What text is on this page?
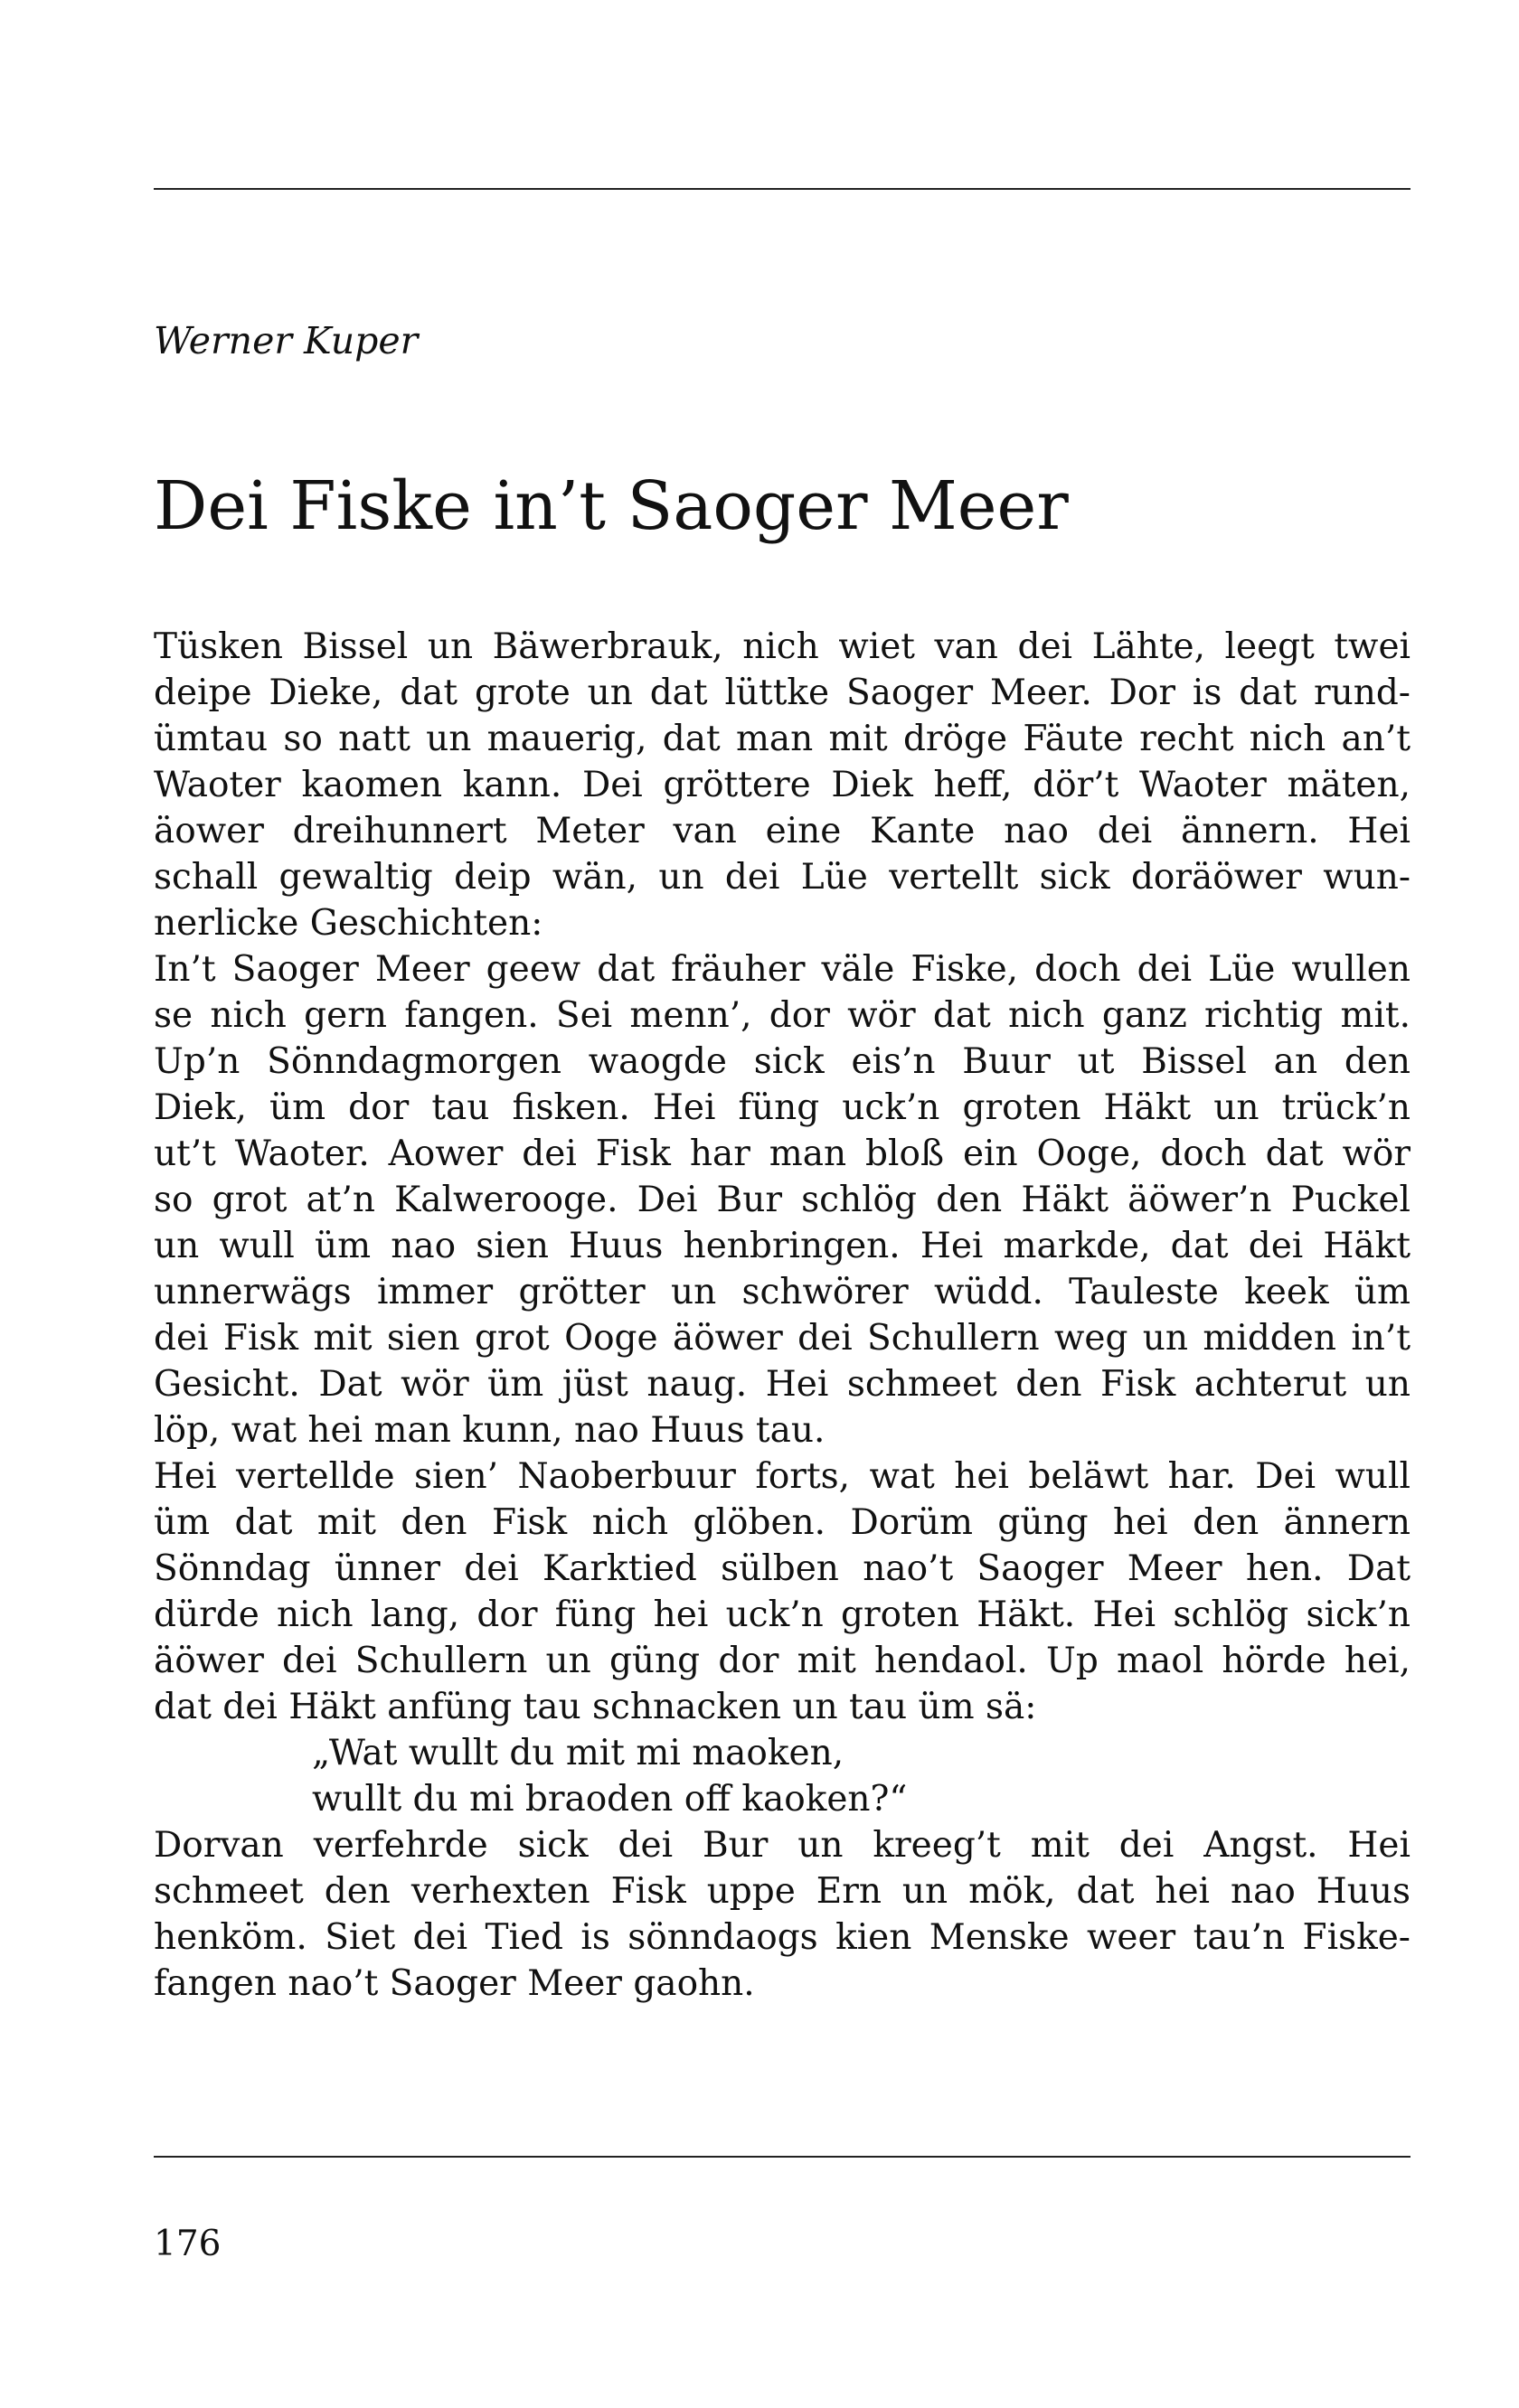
Werner Kuper
Dei Fiske in’t Saoger Meer
Tüsken Bissel un Bäwerbrauk, nich wiet van dei Lähte, leegt twei
deipe Dieke, dat grote un dat lüttke Saoger Meer. Dor is dat rund-
ümtau so natt un mauerig, dat man mit dröge Fäute recht nich an’t
Waoter kaomen kann. Dei gröttere Diek heff, dör’t Waoter mäten,
äower dreihunnert Meter van eine Kante nao dei ännern. Hei
schall gewaltig deip wän, un dei Lüe vertellt sick doräöwer wun-
nerlicke Geschichten:
In’t Saoger Meer geew dat fräuher väle Fiske, doch dei Lüe wullen
se nich gern fangen. Sei menn’, dor wör dat nich ganz richtig mit.
Up’n Sönndagmorgen waogde sick eis’n Buur ut Bissel an den
Diek, üm dor tau fisken. Hei füng uck’n groten Häkt un trück’n
ut’t Waoter. Aower dei Fisk har man bloß ein Ooge, doch dat wör
so grot at’n Kalwerooge. Dei Bur schlög den Häkt äöwer’n Puckel
un wull üm nao sien Huus henbringen. Hei markde, dat dei Häkt
unnerwägs immer grötter un schwörer wüdd. Tauleste keek üm
dei Fisk mit sien grot Ooge äöwer dei Schullern weg un midden in’t
Gesicht. Dat wör üm jüst naug. Hei schmeet den Fisk achterut un
löp, wat hei man kunn, nao Huus tau.
Hei vertellde sien’ Naoberbuur forts, wat hei beläwt har. Dei wull
üm dat mit den Fisk nich glöben. Dorüm güng hei den ännern
Sönndag ünner dei Karktied sülben nao’t Saoger Meer hen. Dat
dürde nich lang, dor füng hei uck’n groten Häkt. Hei schlög sick’n
äöwer dei Schullern un güng dor mit hendaol. Up maol hörde hei,
dat dei Häkt anfüng tau schnacken un tau üm sä:
„Wat wullt du mit mi maoken,
wullt du mi braoden off kaoken?“
Dorvan verfehrde sick dei Bur un kreeg’t mit dei Angst. Hei
schmeet den verhexten Fisk uppe Ern un mök, dat hei nao Huus
henköm. Siet dei Tied is sönndaogs kien Menske weer tau’n Fiske-
fangen nao’t Saoger Meer gaohn.
176
